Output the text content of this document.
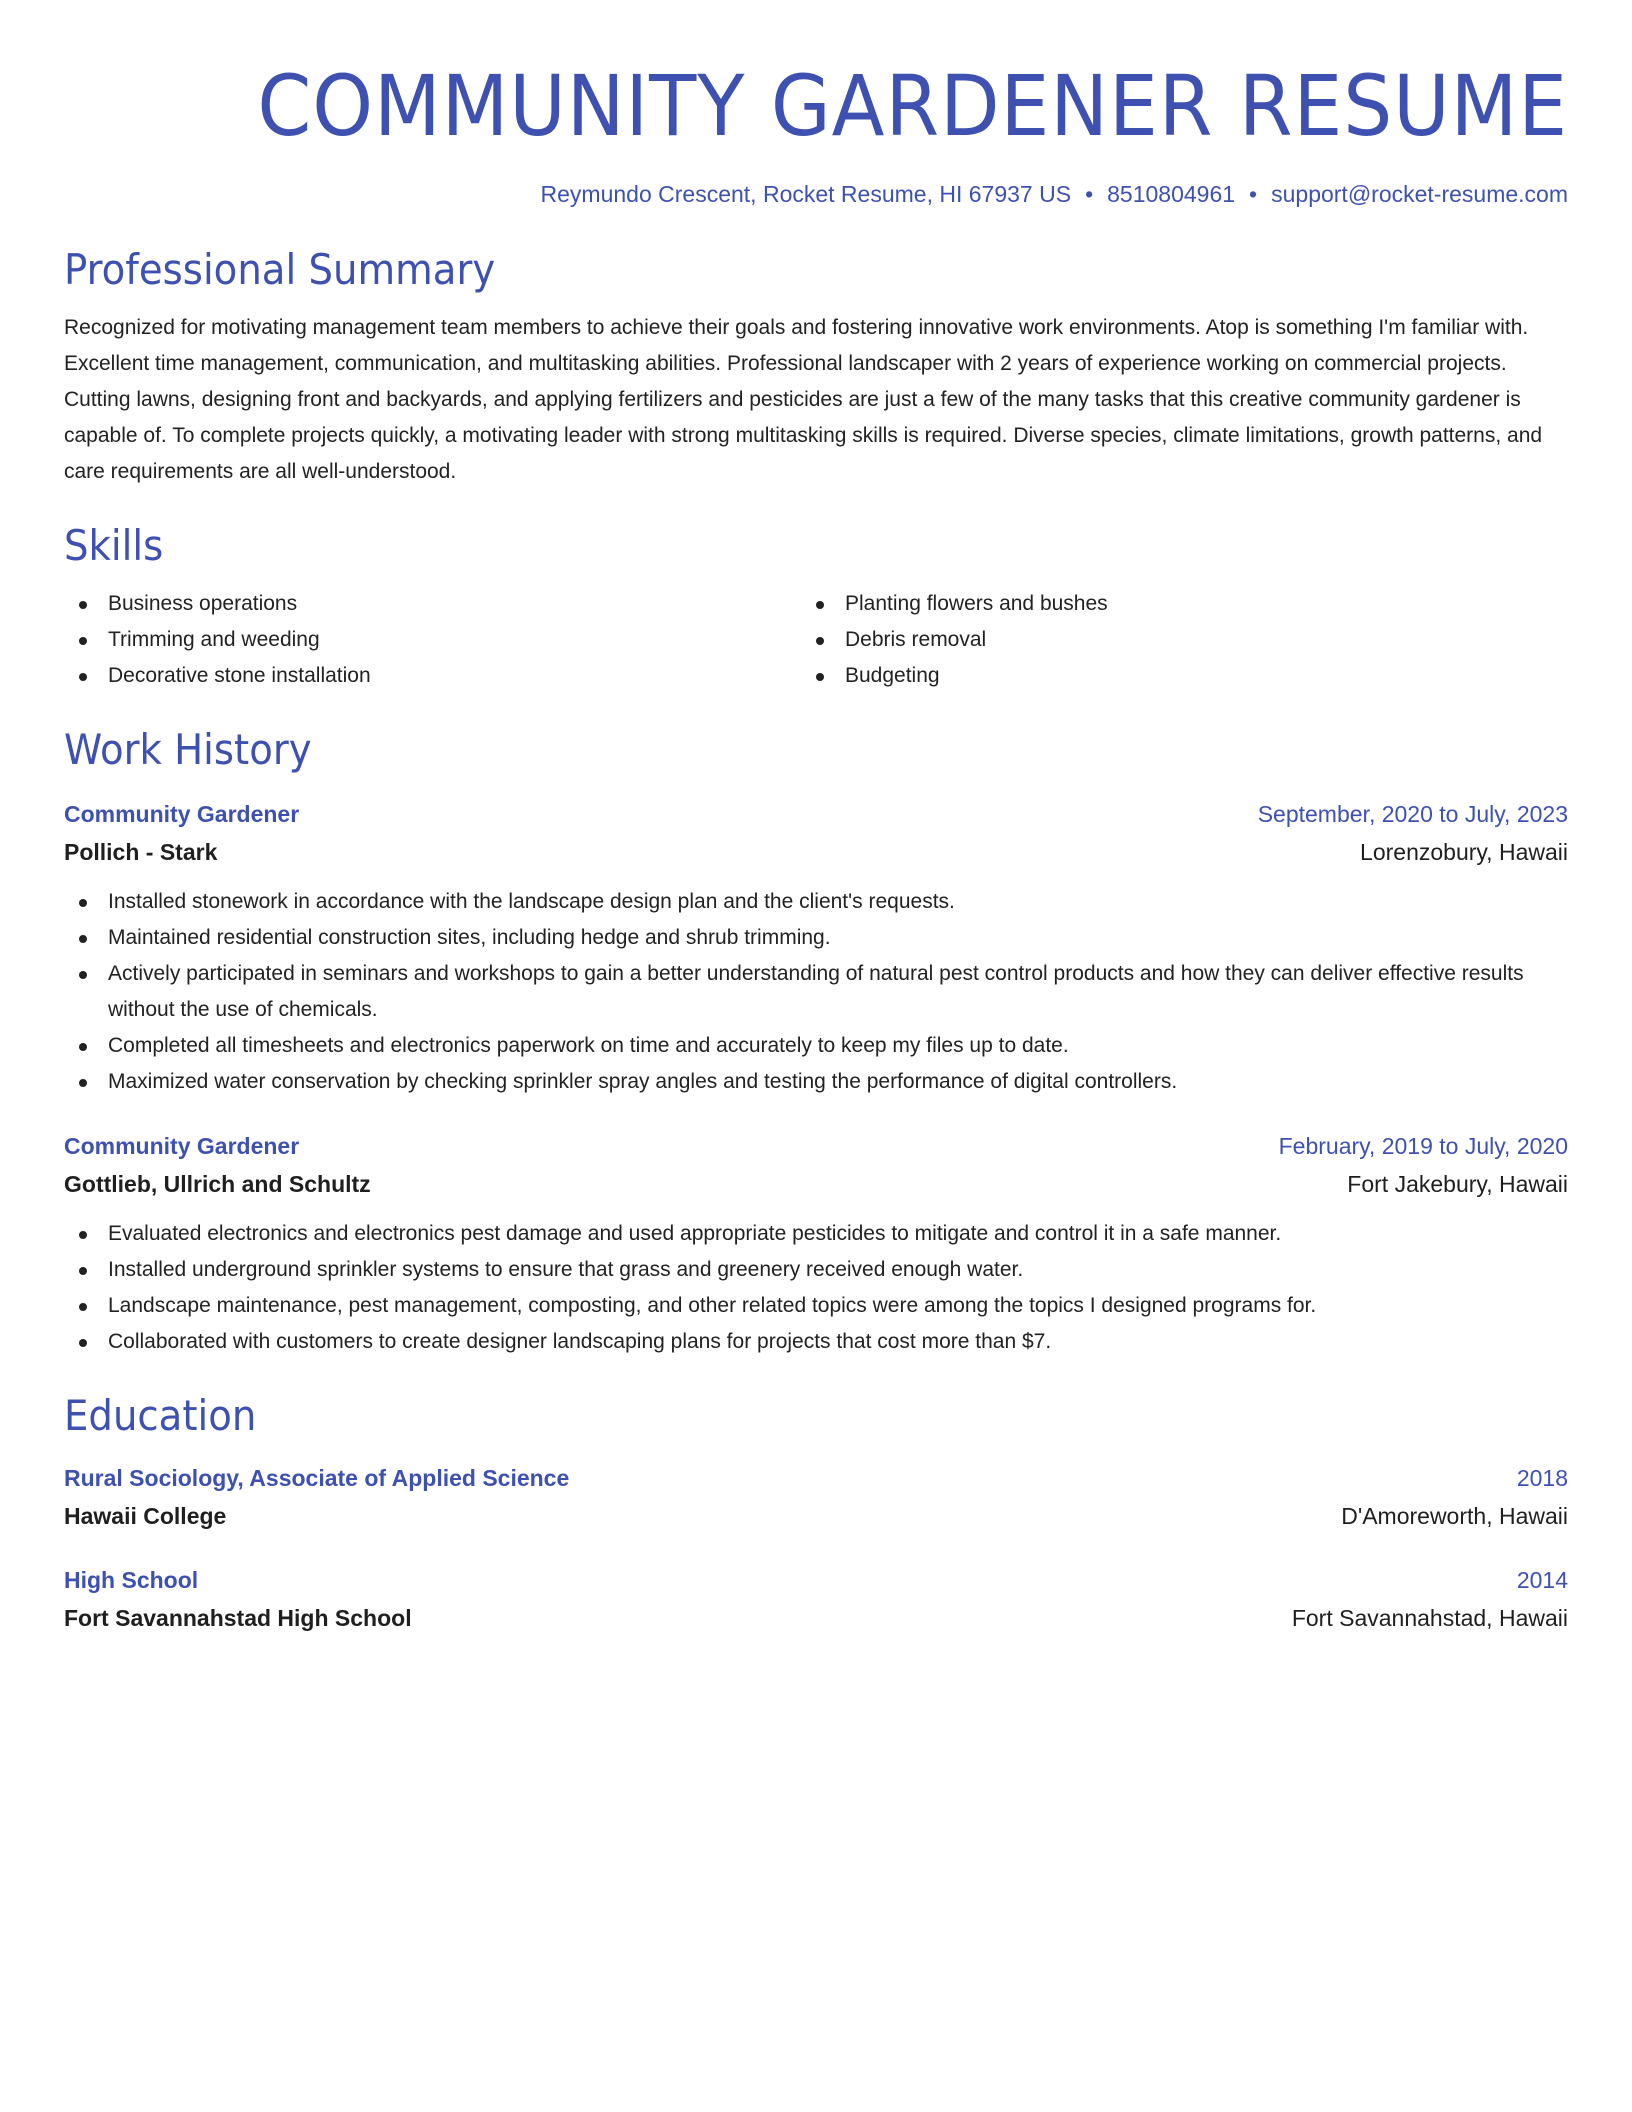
COMMUNITY GARDENER RESUME
Reymundo Crescent, Rocket Resume, HI 67937 US • 8510804961 • support@rocket-resume.com
Professional Summary

Recognized for motivating management team members to achieve their goals and fostering innovative work environments. Atop is something I'm familiar with. Excellent time management, communication, and multitasking abilities. Professional landscaper with 2 years of experience working on commercial projects. Cutting lawns, designing front and backyards, and applying fertilizers and pesticides are just a few of the many tasks that this creative community gardener is capable of. To complete projects quickly, a motivating leader with strong multitasking skills is required. Diverse species, climate limitations, growth patterns, and care requirements are all well-understood.

Skills
Business operations
Trimming and weeding
Decorative stone installation
Planting flowers and bushes
Debris removal
Budgeting
Work History
Community Gardener	September, 2020 to July, 2023
Pollich - Stark	Lorenzobury, Hawaii
Installed stonework in accordance with the landscape design plan and the client's requests.
Maintained residential construction sites, including hedge and shrub trimming.
Actively participated in seminars and workshops to gain a better understanding of natural pest control products and how they can deliver effective results without the use of chemicals.
Completed all timesheets and electronics paperwork on time and accurately to keep my files up to date.
Maximized water conservation by checking sprinkler spray angles and testing the performance of digital controllers.
Community Gardener	February, 2019 to July, 2020
Gottlieb, Ullrich and Schultz	Fort Jakebury, Hawaii
Evaluated electronics and electronics pest damage and used appropriate pesticides to mitigate and control it in a safe manner.
Installed underground sprinkler systems to ensure that grass and greenery received enough water.
Landscape maintenance, pest management, composting, and other related topics were among the topics I designed programs for.
Collaborated with customers to create designer landscaping plans for projects that cost more than $7.
Education
Rural Sociology, Associate of Applied Science	2018
Hawaii College	D'Amoreworth, Hawaii
High School	2014
Fort Savannahstad High School	Fort Savannahstad, Hawaii
